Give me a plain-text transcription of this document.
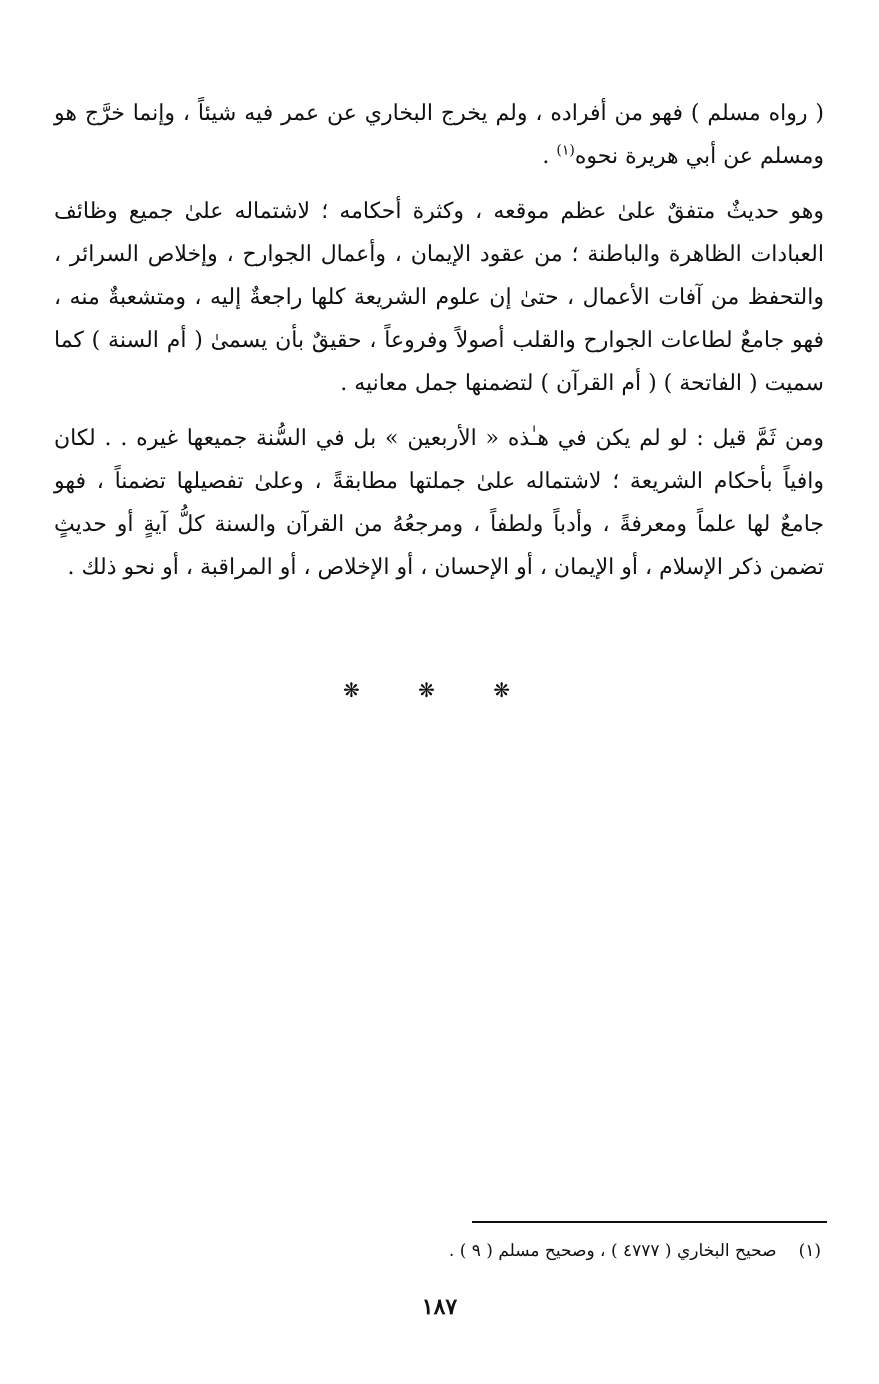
( رواه مسلم ) فهو من أفراده ، ولم يخرج البخاري عن عمر فيه شيئاً ، وإنما خرَّج هو ومسلم عن أبي هريرة نحوه$^{(١)}$ .

وهو حديثٌ متفقٌ علىٰ عظم موقعه ، وكثرة أحكامه ؛ لاشتماله علىٰ جميع وظائف العبادات الظاهرة والباطنة ؛ من عقود الإيمان ، وأعمال الجوارح ، وإخلاص السرائر ، والتحفظ من آفات الأعمال ، حتىٰ إن علوم الشريعة كلها راجعةٌ إليه ، ومتشعبةٌ منه ، فهو جامعٌ لطاعات الجوارح والقلب أصولاً وفروعاً ، حقيقٌ بأن يسمىٰ ( أم السنة ) كما سميت ( الفاتحة ) ( أم القرآن ) لتضمنها جمل معانيه .

ومن ثَمَّ قيل : لو لم يكن في هـٰذه « الأربعين » بل في السُّنة جميعها غيره . . لكان وافياً بأحكام الشريعة ؛ لاشتماله علىٰ جملتها مطابقةً ، وعلىٰ تفصيلها تضمناً ، فهو جامعٌ لها علماً ومعرفةً ، وأدباً ولطفاً ، ومرجعُهُ من القرآن والسنة كلُّ آيةٍ أو حديثٍ تضمن ذكر الإسلام ، أو الإيمان ، أو الإحسان ، أو الإخلاص ، أو المراقبة ، أو نحو ذلك .

❋ ❋ ❋
(١)صحيح البخاري ( ٤٧٧٧ ) ، وصحيح مسلم ( ٩ ) .
١٨٧
